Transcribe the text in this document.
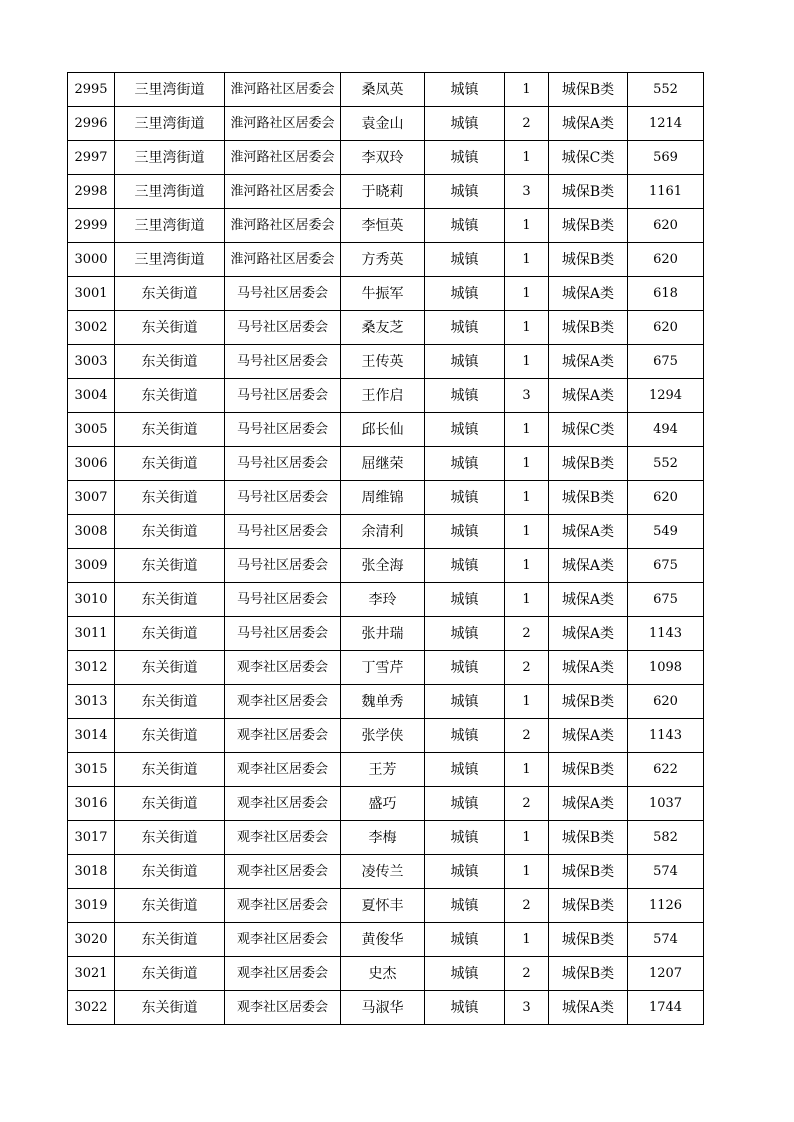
2995	三里湾街道	淮河路社区居委会	桑凤英	城镇	1	城保B类	552
2996	三里湾街道	淮河路社区居委会	袁金山	城镇	2	城保A类	1214
2997	三里湾街道	淮河路社区居委会	李双玲	城镇	1	城保C类	569
2998	三里湾街道	淮河路社区居委会	于晓莉	城镇	3	城保B类	1161
2999	三里湾街道	淮河路社区居委会	李恒英	城镇	1	城保B类	620
3000	三里湾街道	淮河路社区居委会	方秀英	城镇	1	城保B类	620
3001	东关街道	马号社区居委会	牛振军	城镇	1	城保A类	618
3002	东关街道	马号社区居委会	桑友芝	城镇	1	城保B类	620
3003	东关街道	马号社区居委会	王传英	城镇	1	城保A类	675
3004	东关街道	马号社区居委会	王作启	城镇	3	城保A类	1294
3005	东关街道	马号社区居委会	邱长仙	城镇	1	城保C类	494
3006	东关街道	马号社区居委会	屈继荣	城镇	1	城保B类	552
3007	东关街道	马号社区居委会	周维锦	城镇	1	城保B类	620
3008	东关街道	马号社区居委会	余清利	城镇	1	城保A类	549
3009	东关街道	马号社区居委会	张全海	城镇	1	城保A类	675
3010	东关街道	马号社区居委会	李玲	城镇	1	城保A类	675
3011	东关街道	马号社区居委会	张井瑞	城镇	2	城保A类	1143
3012	东关街道	观李社区居委会	丁雪芹	城镇	2	城保A类	1098
3013	东关街道	观李社区居委会	魏单秀	城镇	1	城保B类	620
3014	东关街道	观李社区居委会	张学侠	城镇	2	城保A类	1143
3015	东关街道	观李社区居委会	王芳	城镇	1	城保B类	622
3016	东关街道	观李社区居委会	盛巧	城镇	2	城保A类	1037
3017	东关街道	观李社区居委会	李梅	城镇	1	城保B类	582
3018	东关街道	观李社区居委会	凌传兰	城镇	1	城保B类	574
3019	东关街道	观李社区居委会	夏怀丰	城镇	2	城保B类	1126
3020	东关街道	观李社区居委会	黄俊华	城镇	1	城保B类	574
3021	东关街道	观李社区居委会	史杰	城镇	2	城保B类	1207
3022	东关街道	观李社区居委会	马淑华	城镇	3	城保A类	1744
